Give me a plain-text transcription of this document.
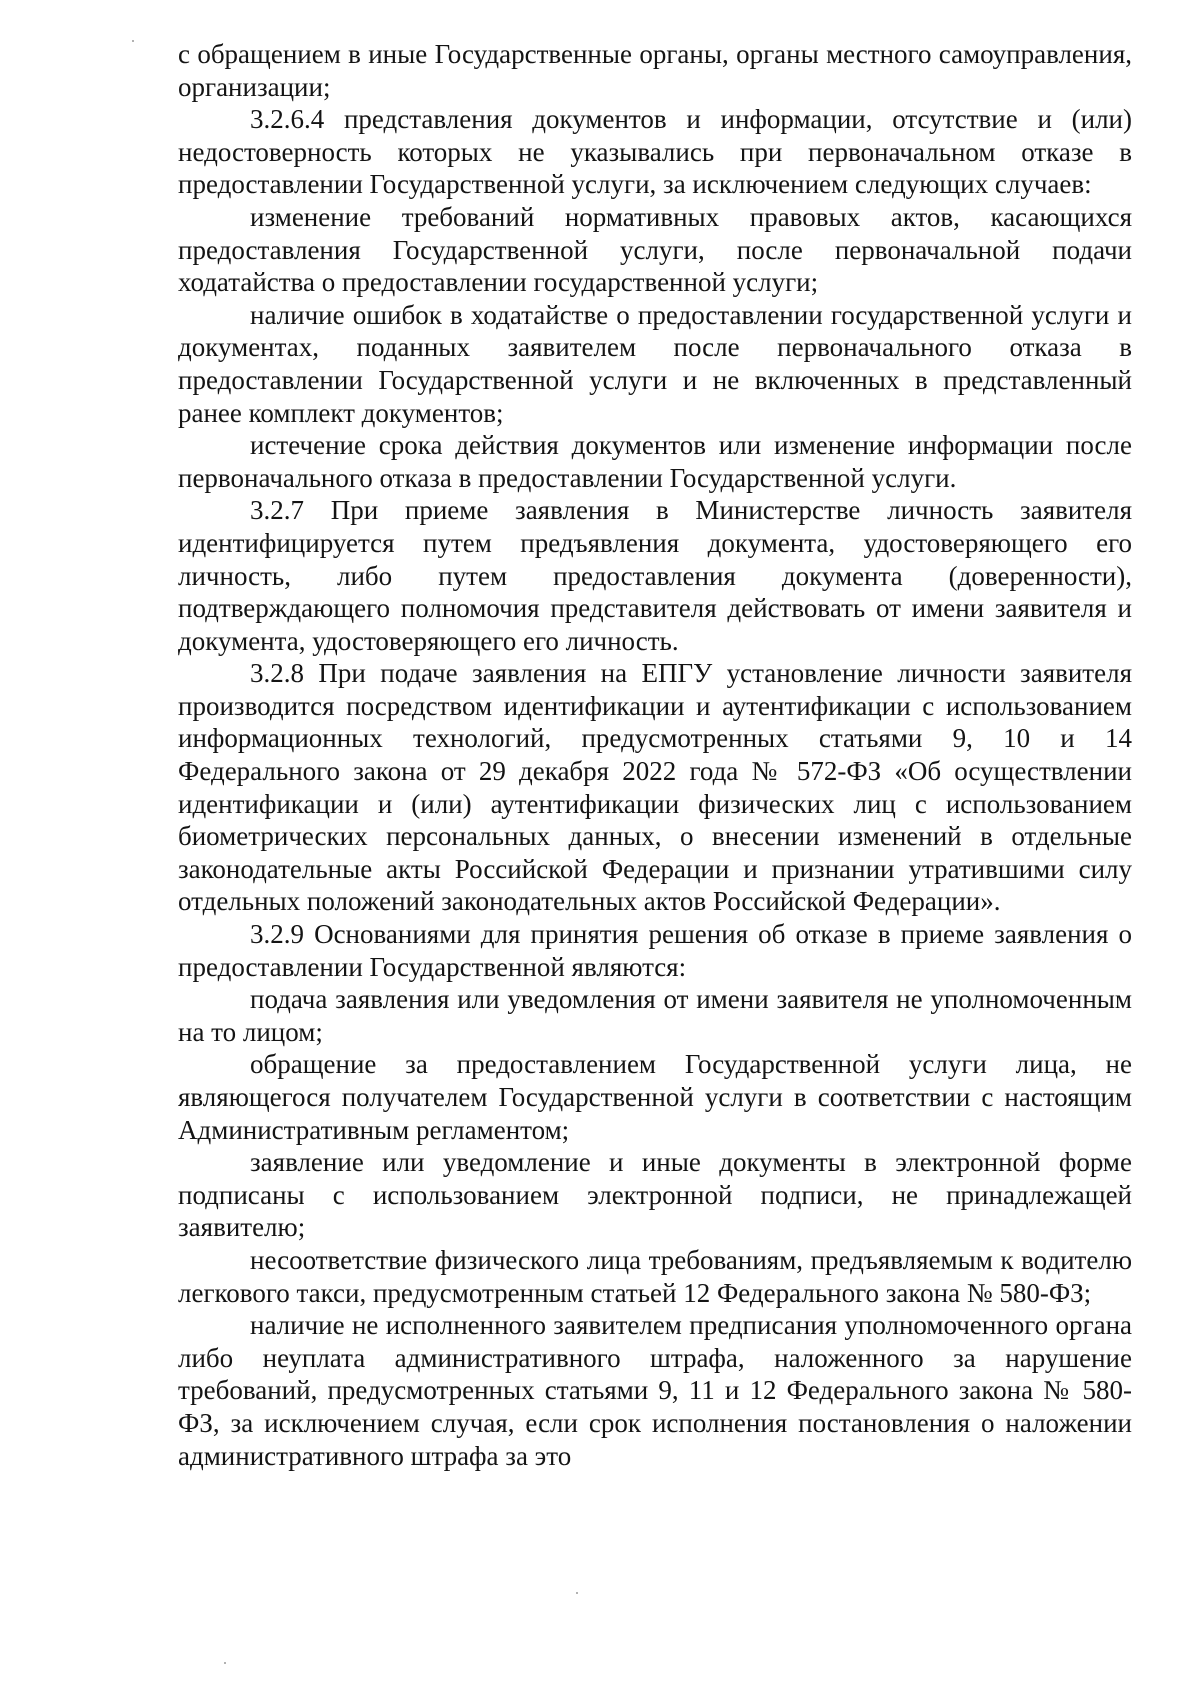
с обращением в иные Государственные органы, органы местного самоуправления, организации;

3.2.6.4 представления документов и информации, отсутствие и (или) недостоверность которых не указывались при первоначальном отказе в предоставлении Государственной услуги, за исключением следующих случаев:

изменение требований нормативных правовых актов, касающихся предоставления Государственной услуги, после первоначальной подачи ходатайства о предоставлении государственной услуги;

наличие ошибок в ходатайстве о предоставлении государственной услуги и документах, поданных заявителем после первоначального отказа в предоставлении Государственной услуги и не включенных в представленный ранее комплект документов;

истечение срока действия документов или изменение информации после первоначального отказа в предоставлении Государственной услуги.

3.2.7 При приеме заявления в Министерстве личность заявителя идентифицируется путем предъявления документа, удостоверяющего его личность, либо путем предоставления документа (доверенности), подтверждающего полномочия представителя действовать от имени заявителя и документа, удостоверяющего его личность.

3.2.8 При подаче заявления на ЕПГУ установление личности заявителя производится посредством идентификации и аутентификации с использованием информационных технологий, предусмотренных статьями 9, 10 и 14 Федерального закона от 29 декабря 2022 года № 572-ФЗ «Об осуществлении идентификации и (или) аутентификации физических лиц с использованием биометрических персональных данных, о внесении изменений в отдельные законодательные акты Российской Федерации и признании утратившими силу отдельных положений законодательных актов Российской Федерации».

3.2.9 Основаниями для принятия решения об отказе в приеме заявления о предоставлении Государственной являются:

подача заявления или уведомления от имени заявителя не уполномоченным на то лицом;

обращение за предоставлением Государственной услуги лица, не являющегося получателем Государственной услуги в соответствии с настоящим Административным регламентом;

заявление или уведомление и иные документы в электронной форме подписаны с использованием электронной подписи, не принадлежащей заявителю;

несоответствие физического лица требованиям, предъявляемым к водителю легкового такси, предусмотренным статьей 12 Федерального закона № 580-ФЗ;

наличие не исполненного заявителем предписания уполномоченного органа либо неуплата административного штрафа, наложенного за нарушение требований, предусмотренных статьями 9, 11 и 12 Федерального закона № 580-ФЗ, за исключением случая, если срок исполнения постановления о наложении административного штрафа за это
